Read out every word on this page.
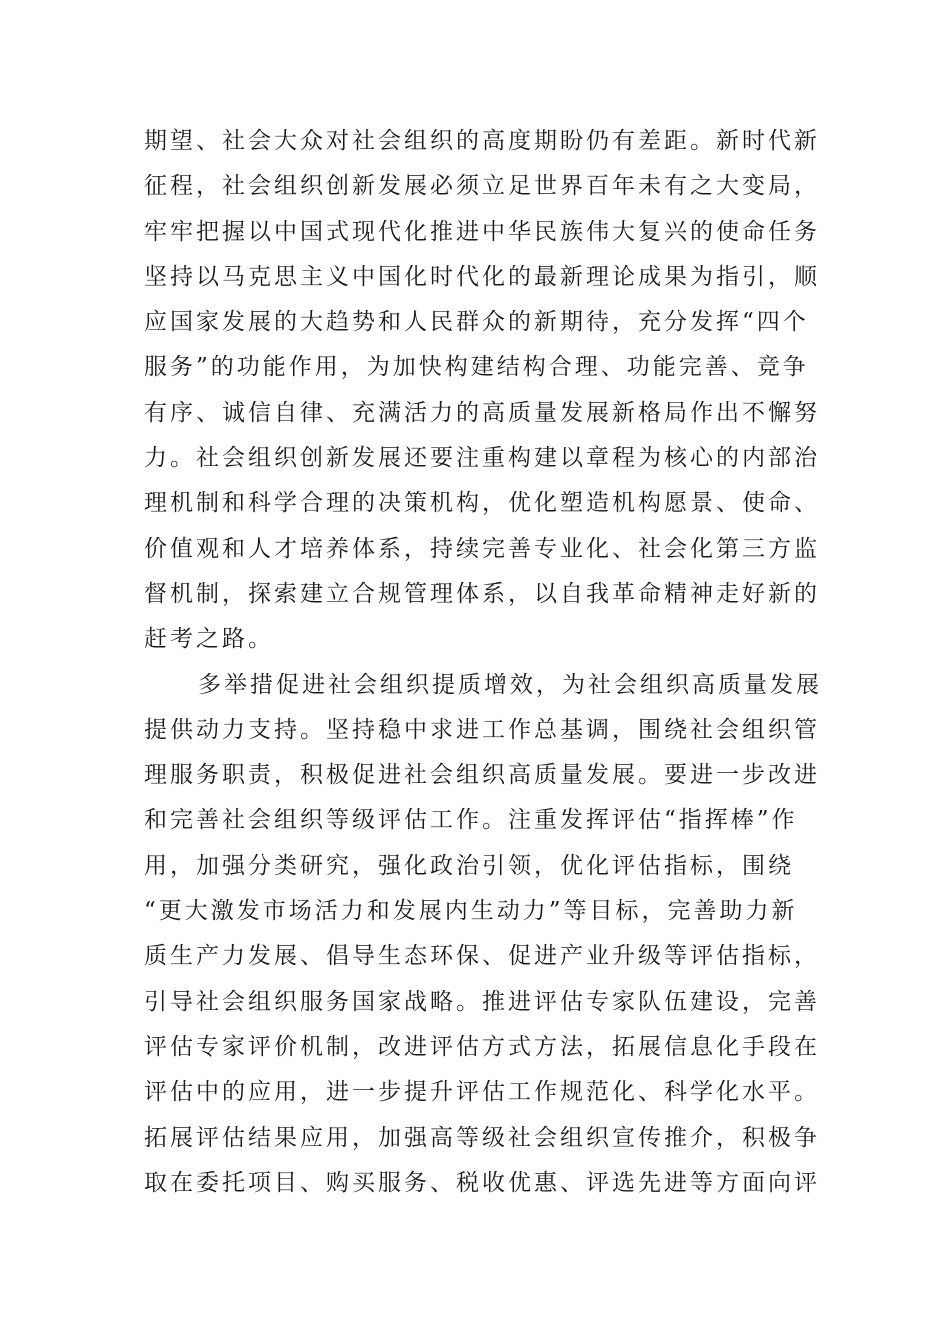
期望、社会大众对社会组织的高度期盼仍有差距。新时代新
征程，社会组织创新发展必须立足世界百年未有之大变局，
牢牢把握以中国式现代化推进中华民族伟大复兴的使命任务
坚持以马克思主义中国化时代化的最新理论成果为指引，顺
应国家发展的大趋势和人民群众的新期待，充分发挥“四个
服务”的功能作用，为加快构建结构合理、功能完善、竞争
有序、诚信自律、充满活力的高质量发展新格局作出不懈努
力。社会组织创新发展还要注重构建以章程为核心的内部治
理机制和科学合理的决策机构，优化塑造机构愿景、使命、
价值观和人才培养体系，持续完善专业化、社会化第三方监
督机制，探索建立合规管理体系，以自我革命精神走好新的
赶考之路。
多举措促进社会组织提质增效，为社会组织高质量发展
提供动力支持。坚持稳中求进工作总基调，围绕社会组织管
理服务职责，积极促进社会组织高质量发展。要进一步改进
和完善社会组织等级评估工作。注重发挥评估“指挥棒”作
用，加强分类研究，强化政治引领，优化评估指标，围绕
“更大激发市场活力和发展内生动力”等目标，完善助力新
质生产力发展、倡导生态环保、促进产业升级等评估指标，
引导社会组织服务国家战略。推进评估专家队伍建设，完善
评估专家评价机制，改进评估方式方法，拓展信息化手段在
评估中的应用，进一步提升评估工作规范化、科学化水平。
拓展评估结果应用，加强高等级社会组织宣传推介，积极争
取在委托项目、购买服务、税收优惠、评选先进等方面向评
